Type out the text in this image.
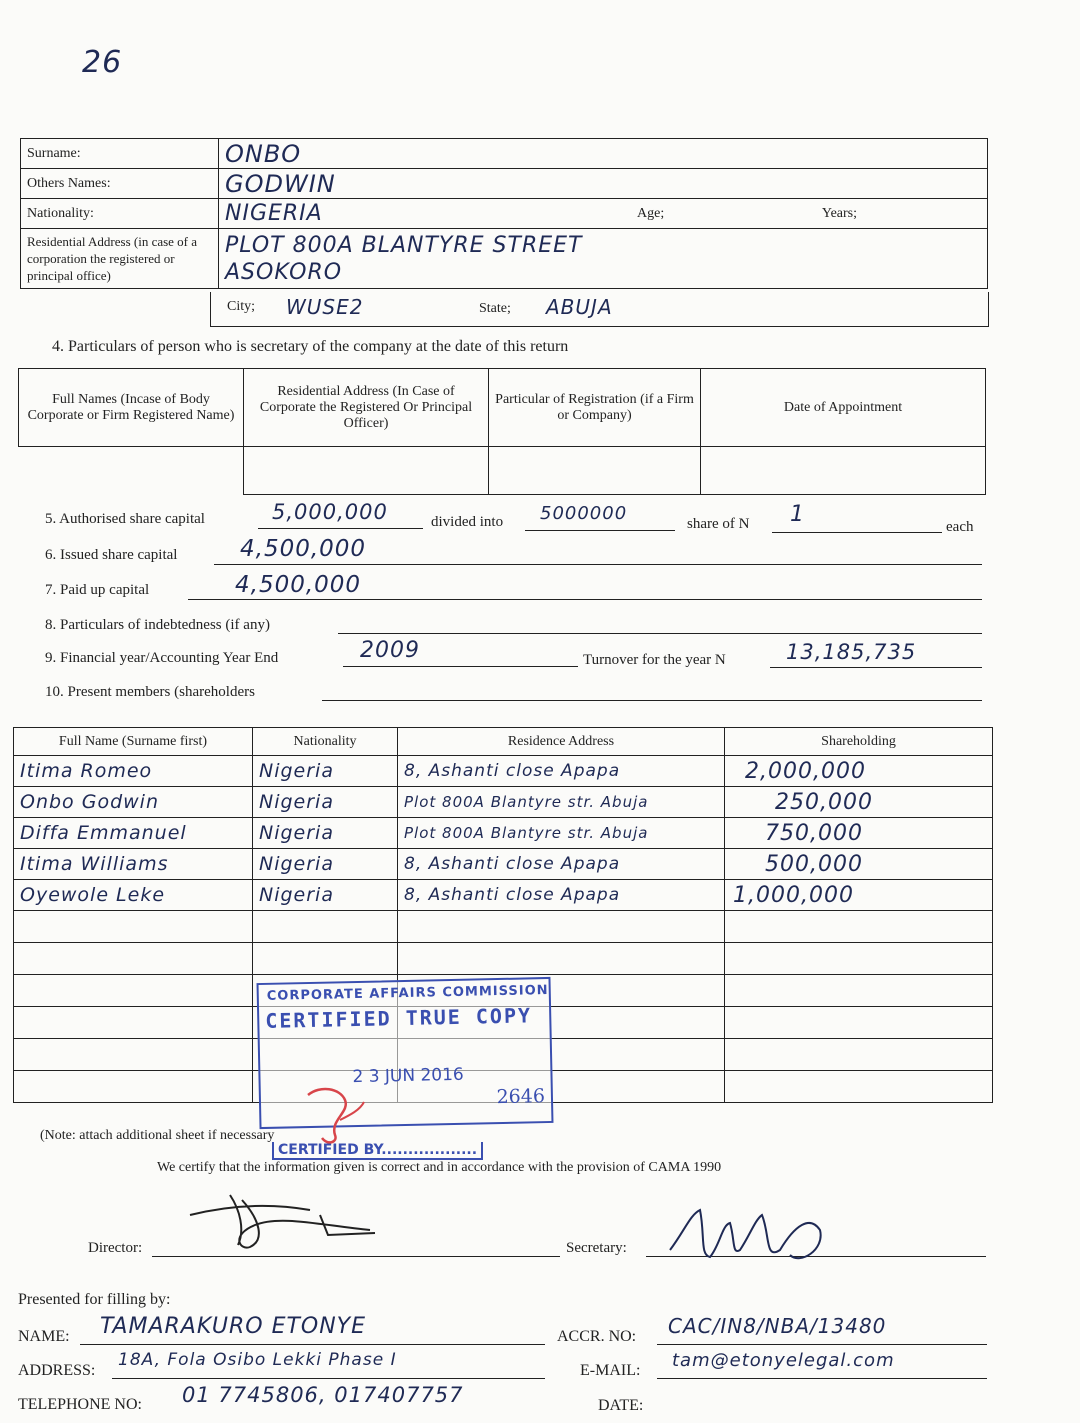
26
Surname:	ONBO		
Others Names:	GODWIN		
Nationality:	NIGERIA	Age;	Years;
Residential Address (in case of a corporation the registered or principal office)	PLOT 800A BLANTYRE STREET
ASOKORO		
City; WUSE2	State; ABUJA
4. Particulars of person who is secretary of the company at the date of this return
Full Names (Incase of Body Corporate or Firm Registered Name)	Residential Address (In Case of Corporate the Registered Or Principal Officer)	Particular of Registration (if a Firm or Company)	Date of Appointment

5. Authorised share capital	5,000,000	divided into 5000000	share of N 1	each
6. Issued share capital	4,500,000
7. Paid up capital	4,500,000
8. Particulars of indebtedness (if any)
9. Financial year/Accounting Year End	2009	Turnover for the year N	13,185,735
10. Present members (shareholders
Full Name (Surname first)	Nationality	Residence Address	Shareholding
Itima Romeo	Nigeria	8, Ashanti close Apapa	2,000,000
Onbo Godwin	Nigeria	Plot 800A Blantyre str. Abuja	250,000
Diffa Emmanuel	Nigeria	Plot 800A Blantyre str. Abuja	750,000
Itima Williams	Nigeria	8, Ashanti close Apapa	500,000
Oyewole Leke	Nigeria	8, Ashanti close Apapa	1,000,000

CORPORATE AFFAIRS COMMISSION
CERTIFIED TRUE COPY
2 3 JUN 2016
2646
CERTIFIED BY..................
(Note: attach additional sheet if necessary
We certify that the information given is correct and in accordance with the provision of CAMA 1990
Director:	Secretary:
Presented for filling by:
NAME: TAMARAKURO ETONYE	ACCR. NO: CAC/IN8/NBA/13480
ADDRESS:
18A, Fola Osibo Lekki Phase I
E-MAIL: tam@etonyelegal.com
TELEPHONE NO: 01 7745806, 017407757	DATE:
